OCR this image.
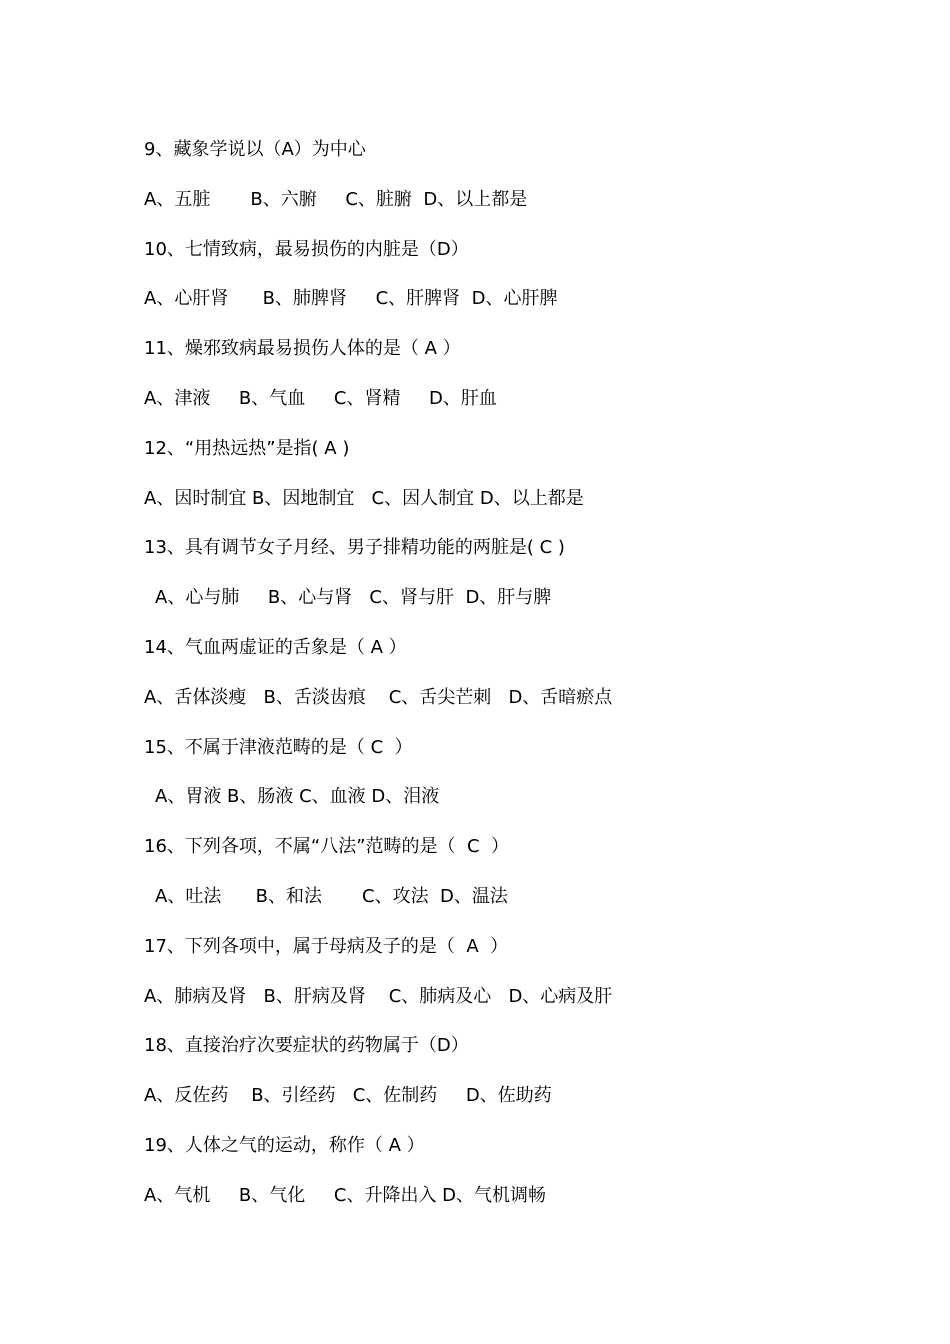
9、藏象学说以（A）为中心
A、五脏       B、六腑     C、脏腑  D、以上都是
10、七情致病，最易损伤的内脏是（D）
A、心肝肾      B、肺脾肾     C、肝脾肾  D、心肝脾
11、燥邪致病最易损伤人体的是（ A ）
A、津液     B、气血     C、肾精     D、肝血
12、“用热远热”是指( A )
A、因时制宜 B、因地制宜   C、因人制宜 D、以上都是
13、具有调节女子月经、男子排精功能的两脏是( C )
A、心与肺     B、心与肾   C、肾与肝  D、肝与脾
14、气血两虚证的舌象是（ A ）
A、舌体淡瘦   B、舌淡齿痕    C、舌尖芒刺   D、舌暗瘀点
15、不属于津液范畴的是（ C  ）
A、胃液 B、肠液 C、血液 D、泪液
16、下列各项，不属“八法”范畴的是（  C  ）
A、吐法      B、和法       C、攻法  D、温法
17、下列各项中，属于母病及子的是（  A  ）
A、肺病及肾   B、肝病及肾    C、肺病及心   D、心病及肝
18、直接治疗次要症状的药物属于（D）
A、反佐药    B、引经药   C、佐制药     D、佐助药
19、人体之气的运动，称作（ A ）
A、气机     B、气化     C、升降出入 D、气机调畅
